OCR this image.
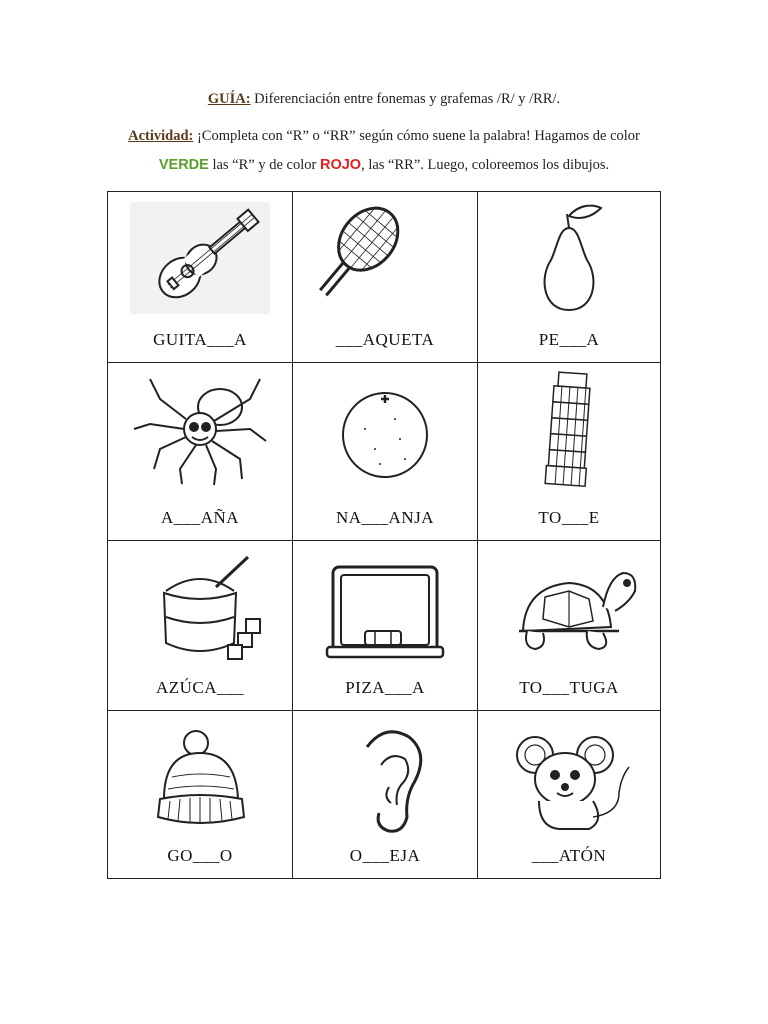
GUÍA: Diferenciación entre fonemas y grafemas /R/ y /RR/.
Actividad: ¡Completa con “R” o “RR” según cómo suene la palabra! Hagamos de color
VERDE las “R” y de color ROJO, las “RR”. Luego, coloreemos los dibujos.
GUITA___A	___AQUETA	PE___A
A___AÑA	NA___ANJA	TO___E
AZÚCA___	PIZA___A	TO___TUGA
GO___O	O___EJA	___ATÓN
